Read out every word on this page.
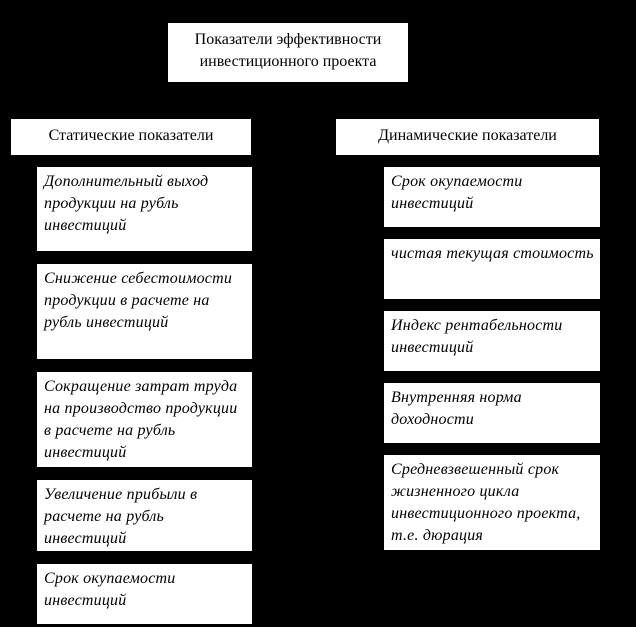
Показатели эффективности инвестиционного проекта
Статические показатели	Динамические показатели
Дополнительный выход продукции на рубль инвестиций
Снижение себестоимости продукции в расчете на рубль инвестиций
Сокращение затрат труда на производство продукции в расчете на рубль инвестиций
Увеличение прибыли в расчете на рубль инвестиций
Срок окупаемости инвестиций
Срок окупаемости инвестиций
чистая текущая стоимость
Индекс рентабельности инвестиций
Внутренняя норма доходности
Средневзвешенный срок жизненного цикла инвестиционного проекта, т.е. дюрация
